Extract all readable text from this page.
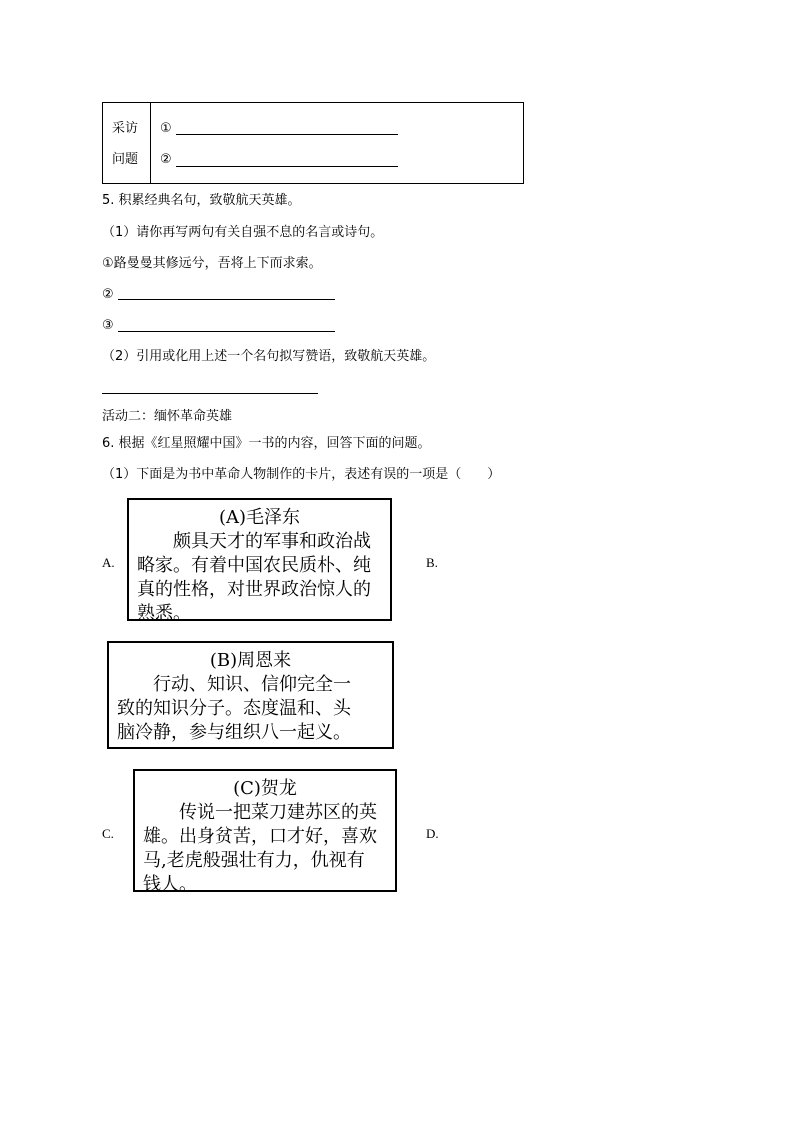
采访
问题
①
②
5. 积累经典名句，致敬航天英雄。
（1）请你再写两句有关自强不息的名言或诗句。
①路曼曼其修远兮，吾将上下而求索。
②
③
（2）引用或化用上述一个名句拟写赞语，致敬航天英雄。
活动二：缅怀革命英雄
6. 根据《红星照耀中国》一书的内容，回答下面的问题。
（1）下面是为书中革命人物制作的卡片，表述有误的一项是（　　）
A.	B.
C.	D.
(A)毛泽东
颇具天才的军事和政治战
略家。有着中国农民质朴、纯
真的性格，对世界政治惊人的
熟悉。
(B)周恩来
行动、知识、信仰完全一
致的知识分子。态度温和、头
脑冷静，参与组织八一起义。
(C)贺龙
传说一把菜刀建苏区的英
雄。出身贫苦，口才好，喜欢
马,老虎般强壮有力，仇视有
钱人。
